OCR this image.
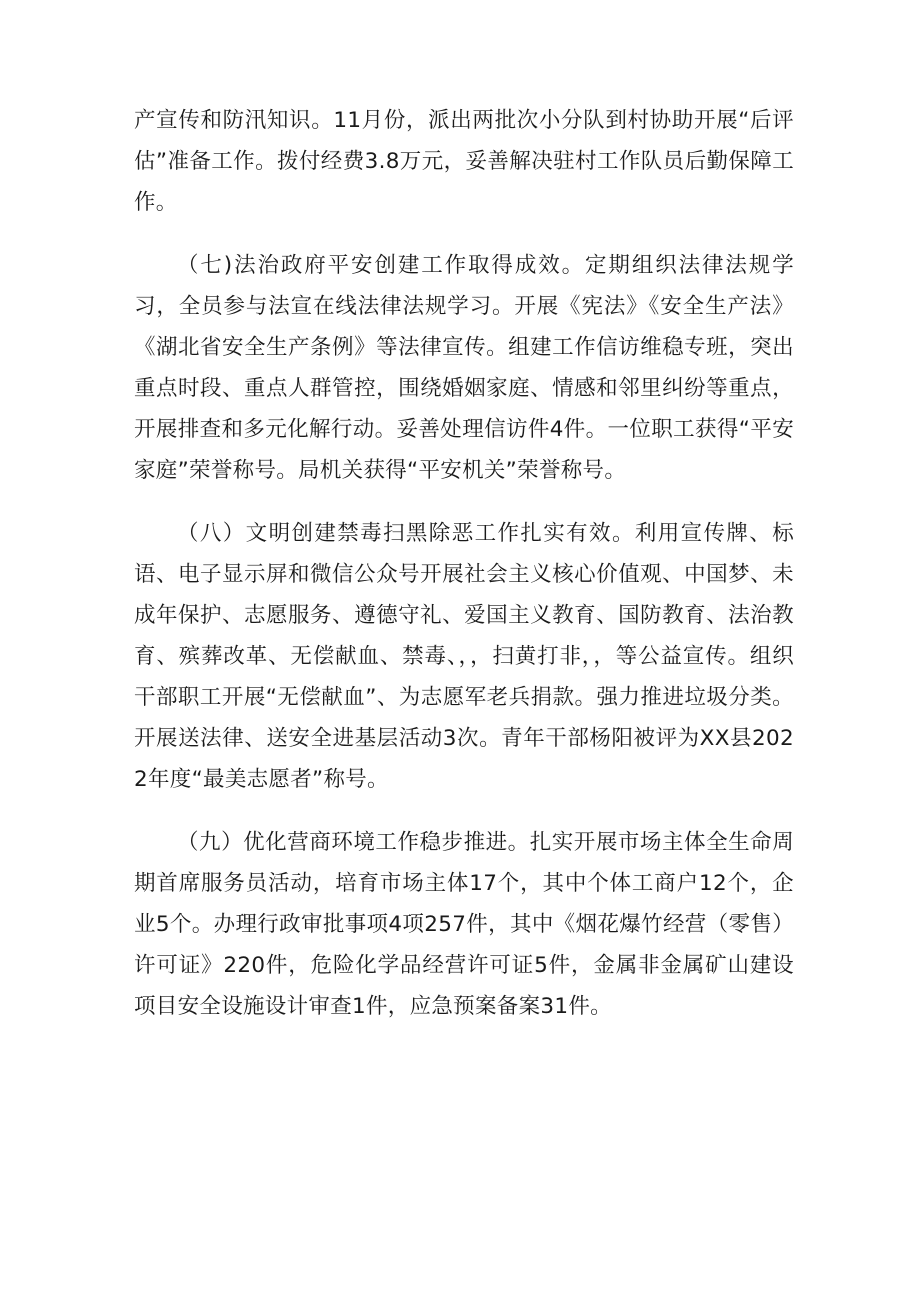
产宣传和防汛知识。11月份，派出两批次小分队到村协助开展“后评估”准备工作。拨付经费3.8万元，妥善解决驻村工作队员后勤保障工作。

（七)法治政府平安创建工作取得成效。定期组织法律法规学习，全员参与法宣在线法律法规学习。开展《宪法》《安全生产法》《湖北省安全生产条例》等法律宣传。组建工作信访维稳专班，突出重点时段、重点人群管控，围绕婚姻家庭、情感和邻里纠纷等重点，开展排查和多元化解行动。妥善处理信访件4件。一位职工获得“平安家庭”荣誉称号。局机关获得“平安机关”荣誉称号。

（八）文明创建禁毒扫黑除恶工作扎实有效。利用宣传牌、标语、电子显示屏和微信公众号开展社会主义核心价值观、中国梦、未成年保护、志愿服务、遵德守礼、爱国主义教育、国防教育、法治教育、殡葬改革、无偿献血、禁毒、，，扫黄打非，，等公益宣传。组织干部职工开展“无偿献血”、为志愿军老兵捐款。强力推进垃圾分类。开展送法律、送安全进基层活动3次。青年干部杨阳被评为XX县2022年度“最美志愿者”称号。

（九）优化营商环境工作稳步推进。扎实开展市场主体全生命周期首席服务员活动，培育市场主体17个，其中个体工商户12个，企业5个。办理行政审批事项4项257件，其中《烟花爆竹经营（零售）许可证》220件，危险化学品经营许可证5件，金属非金属矿山建设项目安全设施设计审查1件，应急预案备案31件。
